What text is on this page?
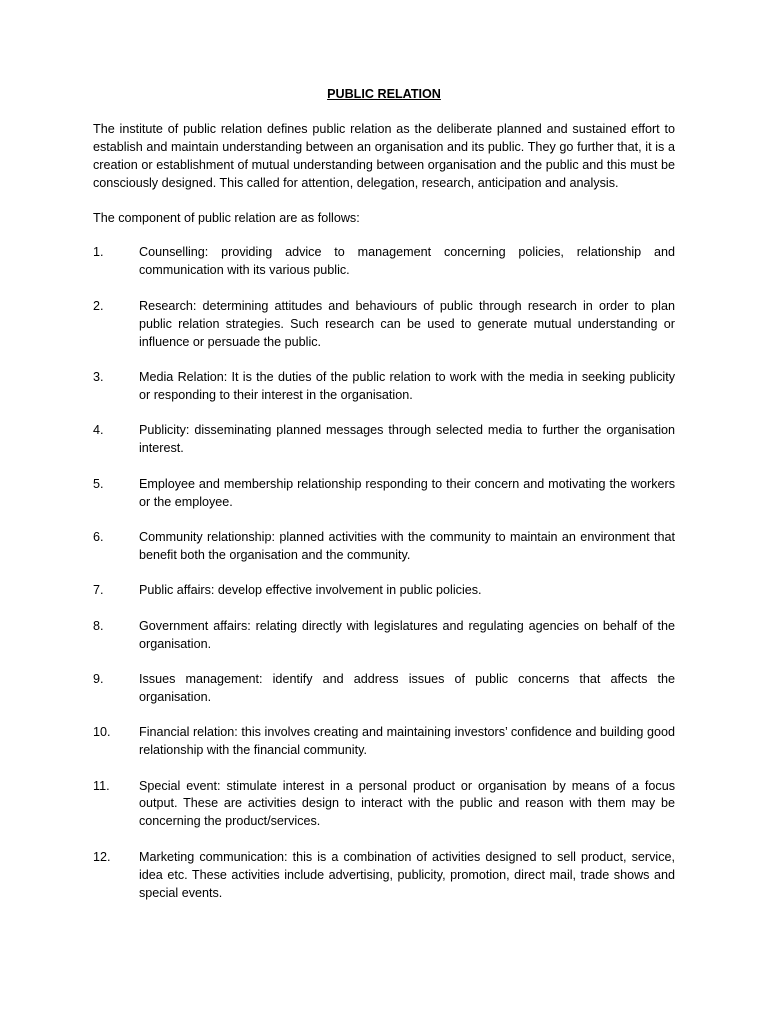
PUBLIC RELATION
The institute of public relation defines public relation as the deliberate planned and sustained effort to establish and maintain understanding between an organisation and its public. They go further that, it is a creation or establishment of mutual understanding between organisation and the public and this must be consciously designed. This called for attention, delegation, research, anticipation and analysis.
The component of public relation are as follows:
1.	Counselling: providing advice to management concerning policies, relationship and communication with its various public.
2.	Research: determining attitudes and behaviours of public through research in order to plan public relation strategies. Such research can be used to generate mutual understanding or influence or persuade the public.
3.	Media Relation: It is the duties of the public relation to work with the media in seeking publicity or responding to their interest in the organisation.
4.	Publicity: disseminating planned messages through selected media to further the organisation interest.
5.	Employee and membership relationship responding to their concern and motivating the workers or the employee.
6.	Community relationship: planned activities with the community to maintain an environment that benefit both the organisation and the community.
7.	Public affairs: develop effective involvement in public policies.
8.	Government affairs: relating directly with legislatures and regulating agencies on behalf of the organisation.
9.	Issues management: identify and address issues of public concerns that affects the organisation.
10.	Financial relation: this involves creating and maintaining investors’ confidence and building good relationship with the financial community.
11.	Special event: stimulate interest in a personal product or organisation by means of a focus output. These are activities design to interact with the public and reason with them may be concerning the product/services.
12.	Marketing communication: this is a combination of activities designed to sell product, service, idea etc. These activities include advertising, publicity, promotion, direct mail, trade shows and special events.
